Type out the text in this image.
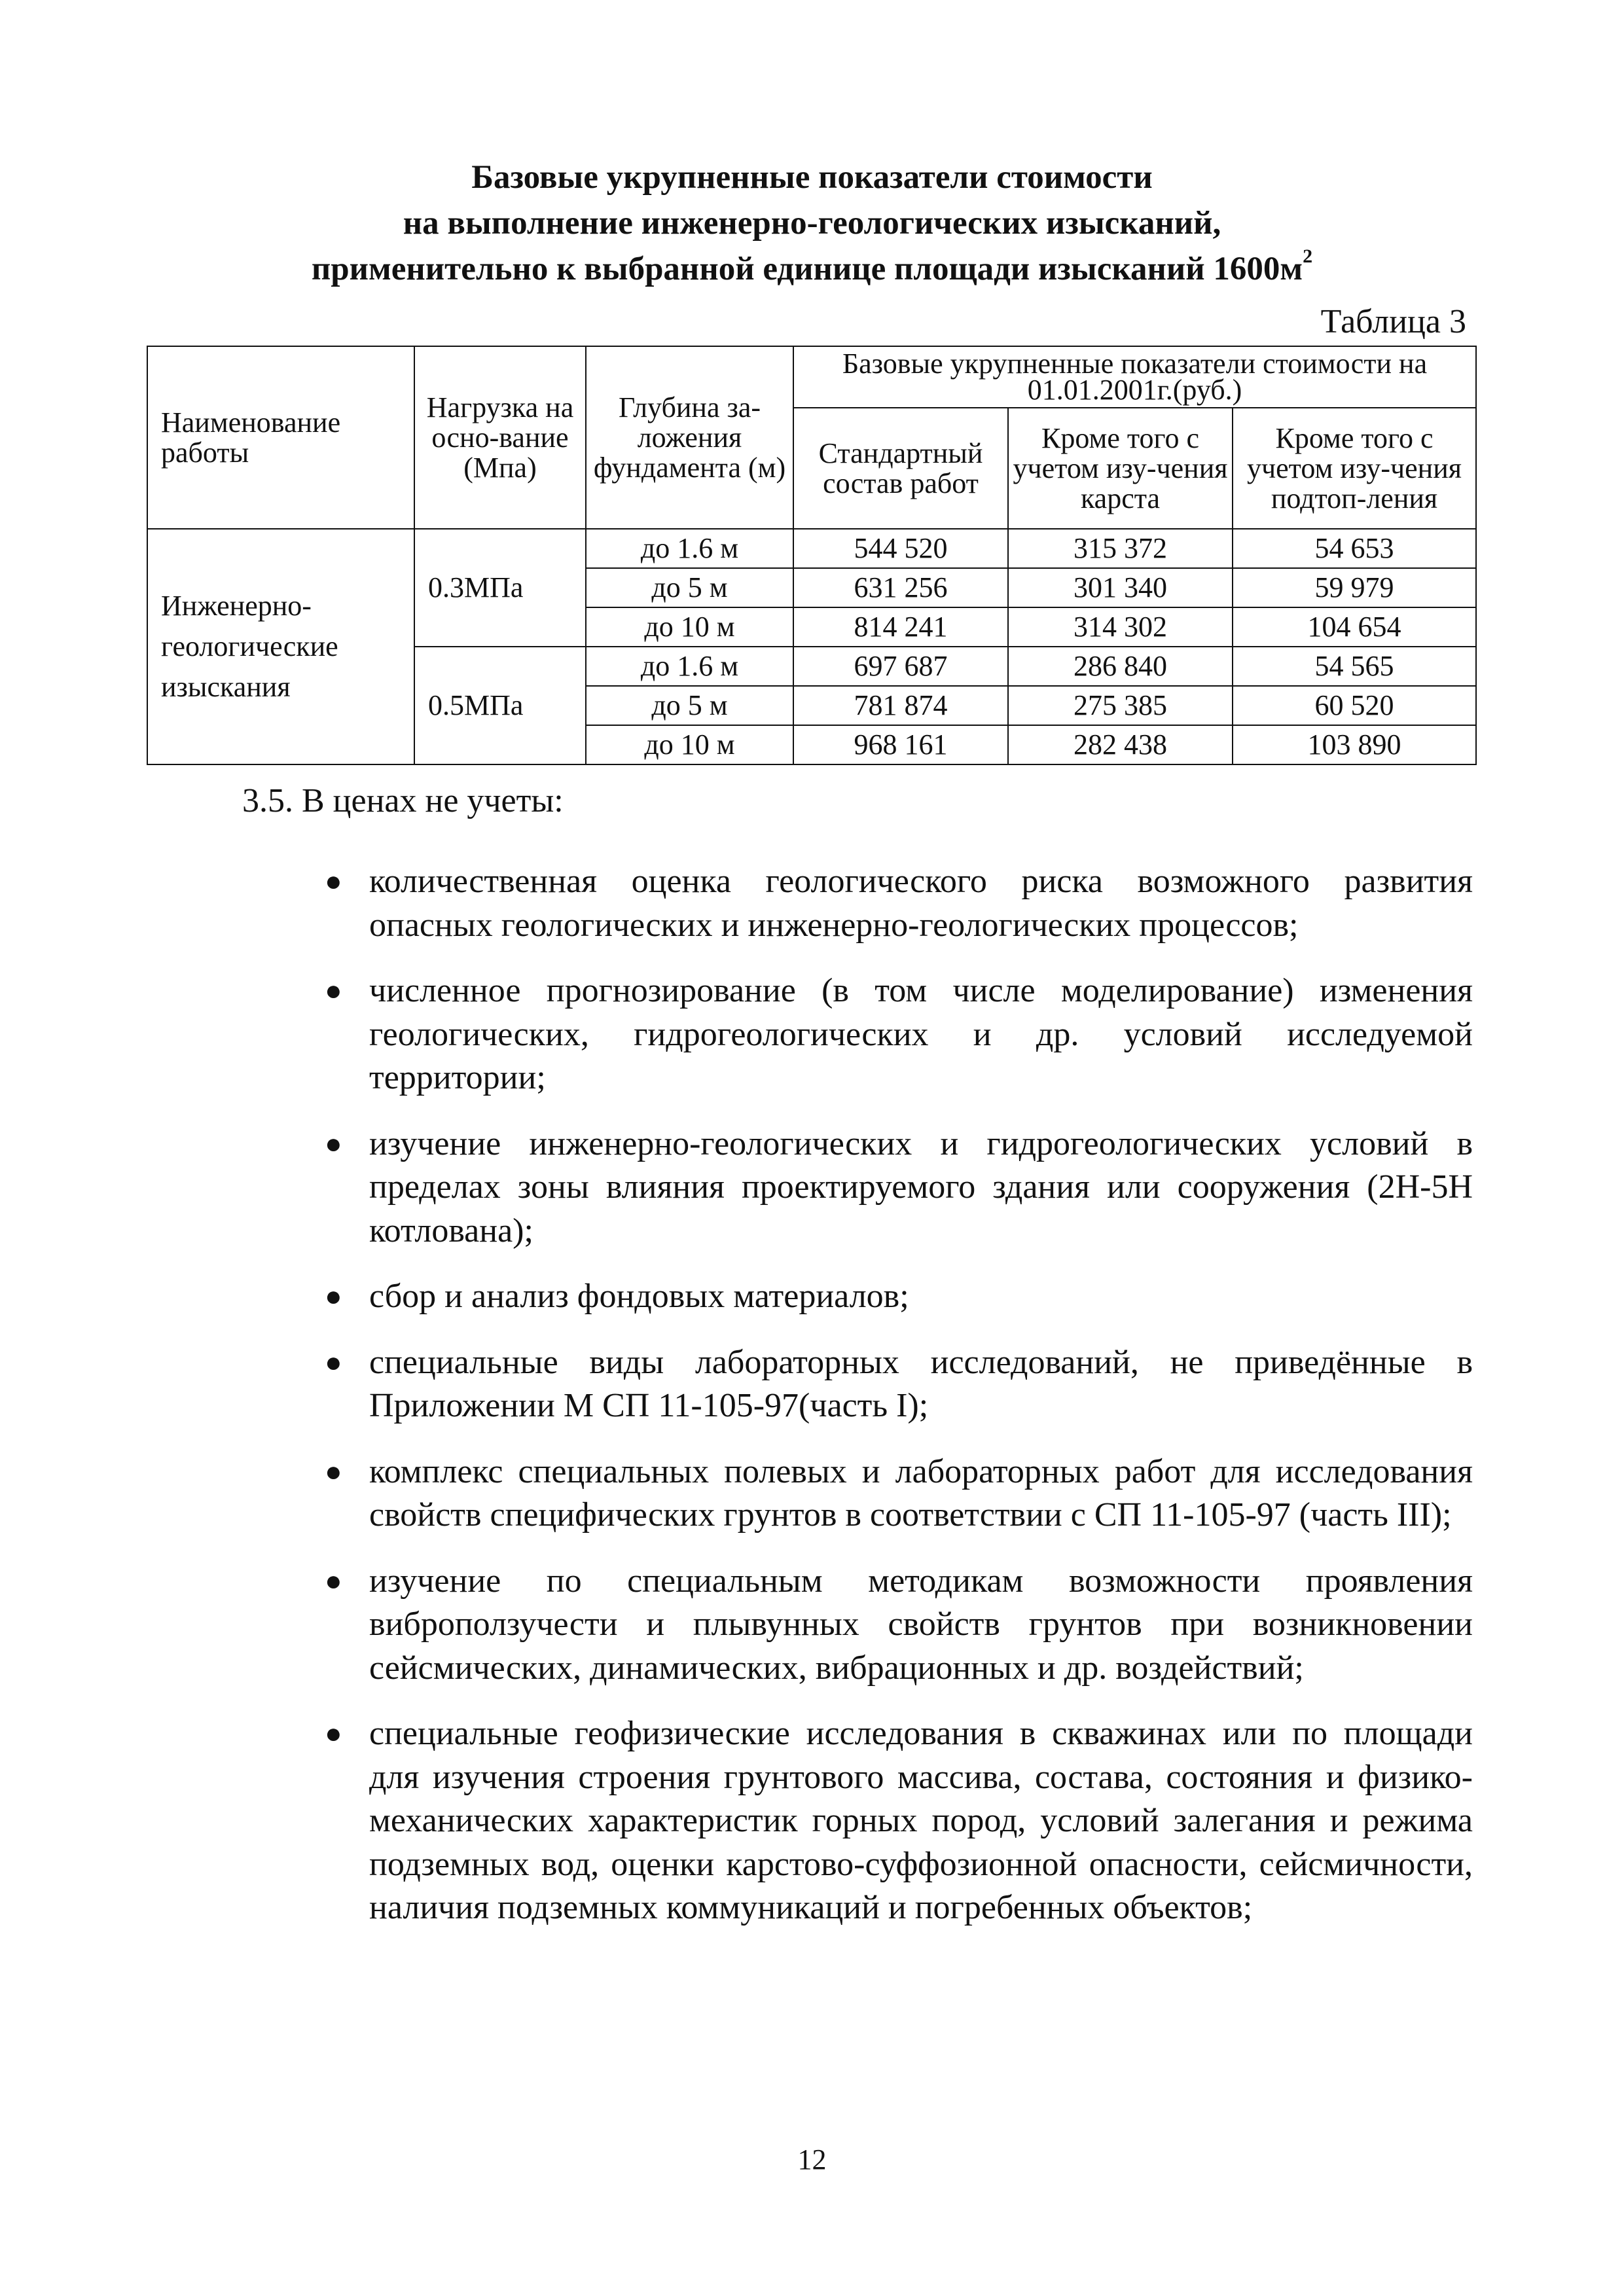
Базовые укрупненные показатели стоимости
на выполнение инженерно-геологических изысканий,
применительно к выбранной единице площади изысканий $1600м^2$
Таблица 3
Наименование работы	Нагрузка на осно-вание (Мпа)	Глубина за-ложения фундамента (м)	Базовые укрупненные показатели стоимости на 01.01.2001г.(руб.)		
			Стандартный состав работ	Кроме того с учетом изу-чения карста	Кроме того с учетом изу-чения подтоп-ления
Инженерно-геологические изыскания	0.3МПа	до 1.6 м	544 520	315 372	54 653
		до 5 м	631 256	301 340	59 979
		до 10 м	814 241	314 302	104 654
	0.5МПа	до 1.6 м	697 687	286 840	54 565
		до 5 м	781 874	275 385	60 520
		до 10 м	968 161	282 438	103 890
3.5. В ценах не учеты:
● количественная оценка геологического риска возможного развития опасных геологических и инженерно-геологических процессов;
● численное прогнозирование (в том числе моделирование) изменения геологических, гидрогеологических и др. условий исследуемой территории;
● изучение инженерно-геологических и гидрогеологических условий в пределах зоны влияния проектируемого здания или сооружения (2Н-5Н котлована);
● сбор и анализ фондовых материалов;
● специальные виды лабораторных исследований, не приведённые в Приложении М СП 11-105-97(часть I);
● комплекс специальных полевых и лабораторных работ для исследования свойств специфических грунтов в соответствии с СП 11-105-97 (часть III);
● изучение по специальным методикам возможности проявления виброползучести и плывунных свойств грунтов при возникновении сейсмических, динамических, вибрационных и др. воздействий;
● специальные геофизические исследования в скважинах или по площади для изучения строения грунтового массива, состава, состояния и физико-механических характеристик горных пород, условий залегания и режима подземных вод, оценки карстово-суффозионной опасности, сейсмичности, наличия подземных коммуникаций и погребенных объектов;
12
